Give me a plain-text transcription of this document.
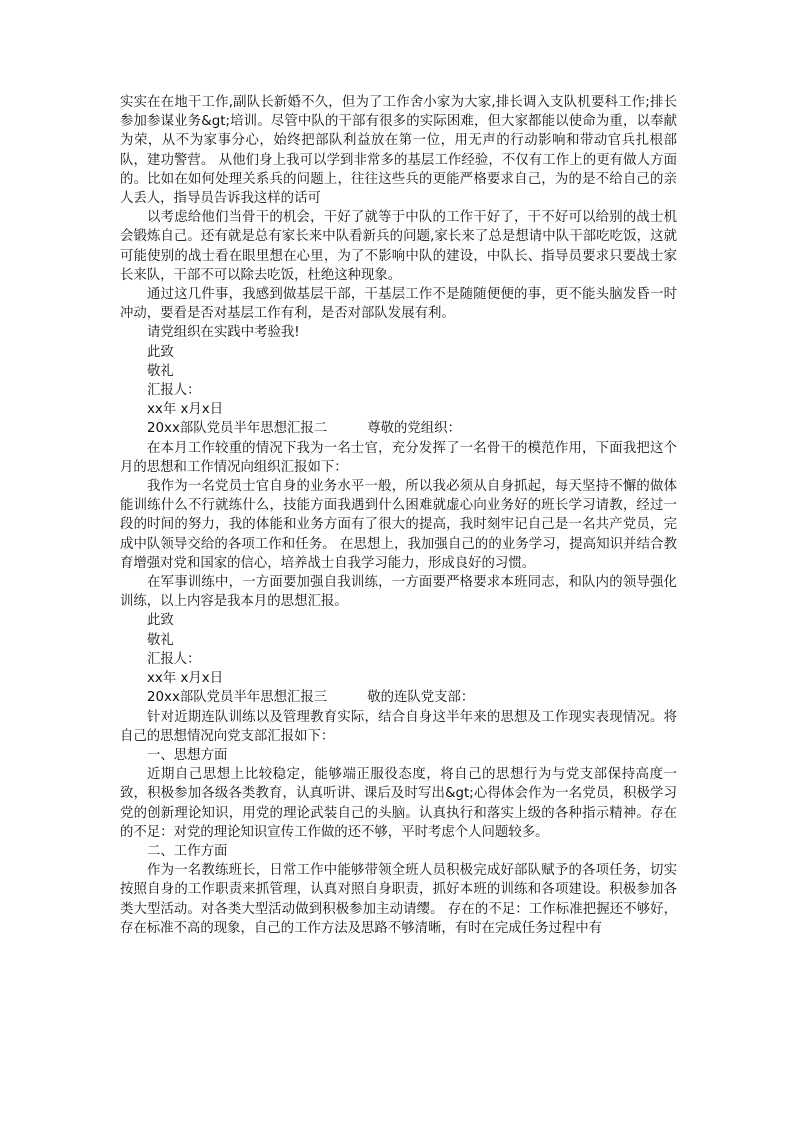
实实在在地干工作,副队长新婚不久，但为了工作舍小家为大家,排长调入支队机要科工作;排长参加参谋业务&gt;培训。尽管中队的干部有很多的实际困难，但大家都能以使命为重，以奉献为荣，从不为家事分心，始终把部队利益放在第一位，用无声的行动影响和带动官兵扎根部队，建功警营。 从他们身上我可以学到非常多的基层工作经验，不仅有工作上的更有做人方面的。比如在如何处理关系兵的问题上，往往这些兵的更能严格要求自己，为的是不给自己的亲人丢人，指导员告诉我这样的话可

以考虑给他们当骨干的机会，干好了就等于中队的工作干好了，干不好可以给别的战士机会锻炼自己。还有就是总有家长来中队看新兵的问题,家长来了总是想请中队干部吃吃饭，这就可能使别的战士看在眼里想在心里，为了不影响中队的建设，中队长、指导员要求只要战士家长来队，干部不可以除去吃饭，杜绝这种现象。

通过这几件事，我感到做基层干部，干基层工作不是随随便便的事，更不能头脑发昏一时冲动，要看是否对基层工作有利，是否对部队发展有利。

请党组织在实践中考验我!

此致

敬礼

汇报人：

xx年 x月x日

20xx部队党员半年思想汇报二	尊敬的党组织：

在本月工作较重的情况下我为一名士官，充分发挥了一名骨干的模范作用，下面我把这个月的思想和工作情况向组织汇报如下：

我作为一名党员士官自身的业务水平一般，所以我必须从自身抓起，每天坚持不懈的做体能训练什么不行就练什么，技能方面我遇到什么困难就虚心向业务好的班长学习请教，经过一段的时间的努力，我的体能和业务方面有了很大的提高，我时刻牢记自己是一名共产党员，完成中队领导交给的各项工作和任务。 在思想上，我加强自己的的业务学习，提高知识并结合教育增强对党和国家的信心，培养战士自我学习能力，形成良好的习惯。

在军事训练中，一方面要加强自我训练，一方面要严格要求本班同志，和队内的领导强化训练，以上内容是我本月的思想汇报。

此致

敬礼

汇报人：

xx年 x月x日

20xx部队党员半年思想汇报三	敬的连队党支部：

针对近期连队训练以及管理教育实际，结合自身这半年来的思想及工作现实表现情况。将自己的思想情况向党支部汇报如下：

一、思想方面

近期自己思想上比较稳定，能够端正服役态度，将自己的思想行为与党支部保持高度一致，积极参加各级各类教育，认真听讲、课后及时写出&gt;心得体会作为一名党员，积极学习党的创新理论知识，用党的理论武装自己的头脑。认真执行和落实上级的各种指示精神。存在的不足：对党的理论知识宣传工作做的还不够，平时考虑个人问题较多。

二、工作方面

作为一名教练班长，日常工作中能够带领全班人员积极完成好部队赋予的各项任务，切实按照自身的工作职责来抓管理，认真对照自身职责，抓好本班的训练和各项建设。积极参加各类大型活动。对各类大型活动做到积极参加主动请缨。 存在的不足：工作标准把握还不够好，存在标准不高的现象，自己的工作方法及思路不够清晰，有时在完成任务过程中有
